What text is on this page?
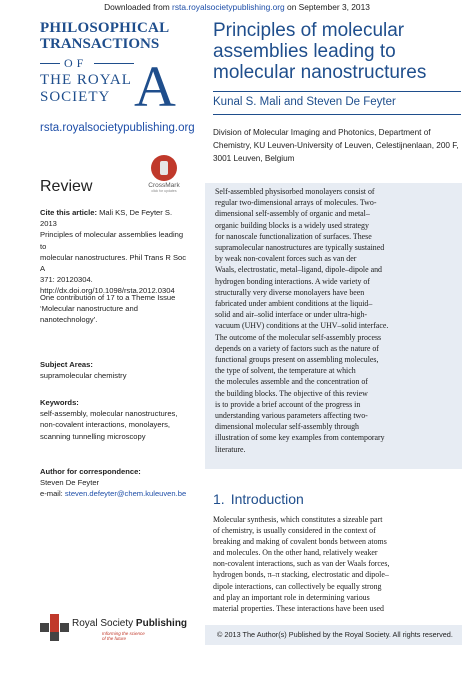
Downloaded from rsta.royalsocietypublishing.org on September 3, 2013
PHILOSOPHICAL
TRANSACTIONS
OF
THE ROYAL
SOCIETY A
rsta.royalsocietypublishing.org
Review	CrossMark
click for updates
Cite this article: Mali KS, De Feyter S. 2013
Principles of molecular assemblies leading to
molecular nanostructures. Phil Trans R Soc A
371: 20120304.
http://dx.doi.org/10.1098/rsta.2012.0304
One contribution of 17 to a Theme Issue
‘Molecular nanostructure and
nanotechnology’.
Subject Areas:
supramolecular chemistry
Keywords:
self-assembly, molecular nanostructures,
non-covalent interactions, monolayers,
scanning tunnelling microscopy
Author for correspondence:
Steven De Feyter
e-mail: steven.defeyter@chem.kuleuven.be
Royal Society Publishing
Informing the science
of the future
Principles of molecular
assemblies leading to
molecular nanostructures
Kunal S. Mali and Steven De Feyter
Division of Molecular Imaging and Photonics, Department of
Chemistry, KU Leuven-University of Leuven, Celestijnenlaan, 200 F,
3001 Leuven, Belgium
Self-assembled physisorbed monolayers consist of
regular two-dimensional arrays of molecules. Two-
dimensional self-assembly of organic and metal–
organic building blocks is a widely used strategy
for nanoscale functionalization of surfaces. These
supramolecular nanostructures are typically sustained
by weak non-covalent forces such as van der
Waals, electrostatic, metal–ligand, dipole–dipole and
hydrogen bonding interactions. A wide variety of
structurally very diverse monolayers have been
fabricated under ambient conditions at the liquid–
solid and air–solid interface or under ultra-high-
vacuum (UHV) conditions at the UHV–solid interface.
The outcome of the molecular self-assembly process
depends on a variety of factors such as the nature of
functional groups present on assembling molecules,
the type of solvent, the temperature at which
the molecules assemble and the concentration of
the building blocks. The objective of this review
is to provide a brief account of the progress in
understanding various parameters affecting two-
dimensional molecular self-assembly through
illustration of some key examples from contemporary
literature.
1. Introduction
Molecular synthesis, which constitutes a sizeable part
of chemistry, is usually considered in the context of
breaking and making of covalent bonds between atoms
and molecules. On the other hand, relatively weaker
non-covalent interactions, such as van der Waals forces,
hydrogen bonds, π–π stacking, electrostatic and dipole–
dipole interactions, can collectively be equally strong
and play an important role in determining various
material properties. These interactions have been used
© 2013 The Author(s) Published by the Royal Society. All rights reserved.
